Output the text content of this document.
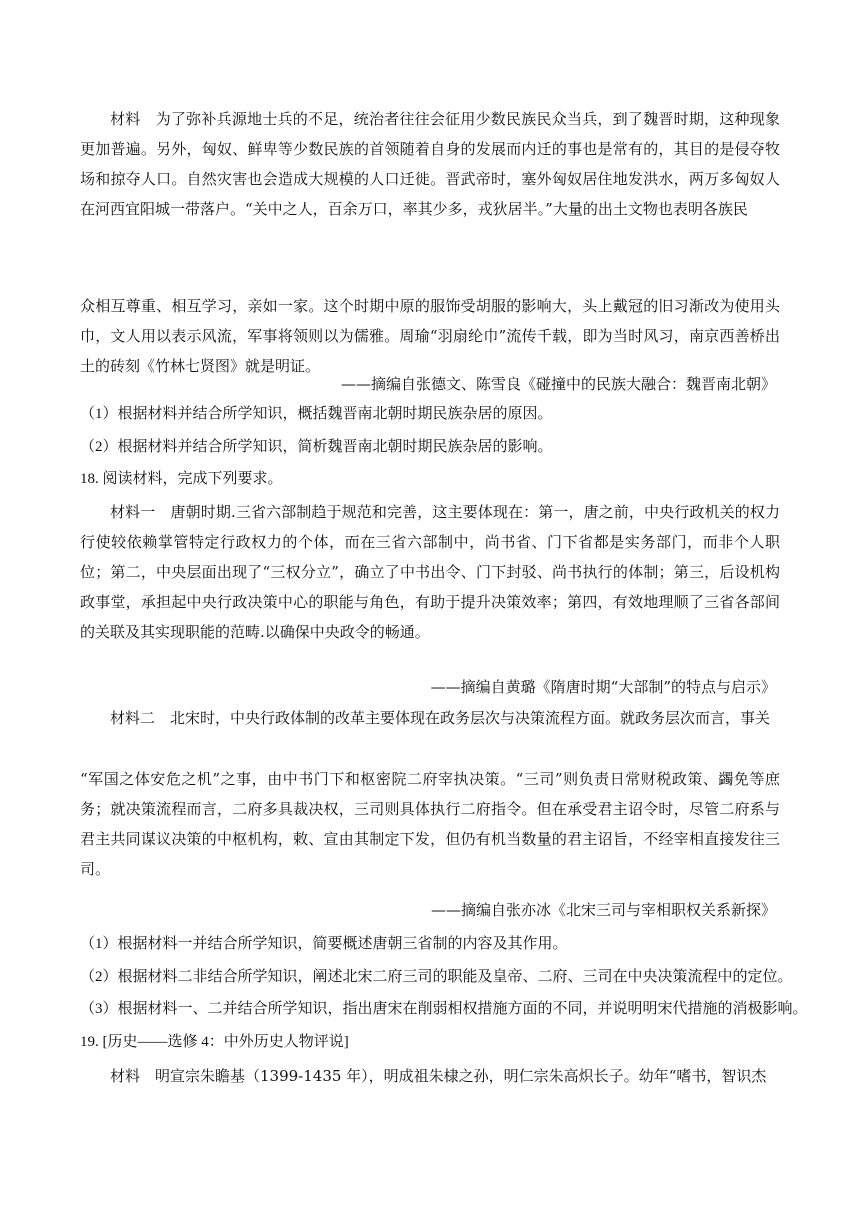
材料　为了弥补兵源地士兵的不足，统治者往往会征用少数民族民众当兵，到了魏晋时期，这种现象更加普遍。另外，匈奴、鲜卑等少数民族的首领随着自身的发展而内迁的事也是常有的，其目的是侵夺牧场和掠夺人口。自然灾害也会造成大规模的人口迁徙。晋武帝时，塞外匈奴居住地发洪水，两万多匈奴人在河西宜阳城一带落户。“关中之人，百余万口，率其少多，戎狄居半。”大量的出土文物也表明各族民

众相互尊重、相互学习，亲如一家。这个时期中原的服饰受胡服的影响大，头上戴冠的旧习渐改为使用头巾，文人用以表示风流，军事将领则以为儒雅。周瑜“羽扇纶巾”流传千载，即为当时风习，南京西善桥出土的砖刻《竹林七贤图》就是明证。

——摘编自张德文、陈雪良《碰撞中的民族大融合：魏晋南北朝》

（1）根据材料并结合所学知识，概括魏晋南北朝时期民族杂居的原因。

（2）根据材料并结合所学知识，简析魏晋南北朝时期民族杂居的影响。

18. 阅读材料，完成下列要求。

材料一　唐朝时期.三省六部制趋于规范和完善，这主要体现在：第一，唐之前，中央行政机关的权力行使较依赖掌管特定行政权力的个体，而在三省六部制中，尚书省、门下省都是实务部门，而非个人职位；第二，中央层面出现了“三权分立”，确立了中书出令、门下封驳、尚书执行的体制；第三，后设机构政事堂，承担起中央行政决策中心的职能与角色，有助于提升决策效率；第四，有效地理顺了三省各部间的关联及其实现职能的范畴.以确保中央政令的畅通。

——摘编自黄璐《隋唐时期“大部制”的特点与启示》

材料二　北宋时，中央行政体制的改革主要体现在政务层次与决策流程方面。就政务层次而言，事关

“军国之体安危之机”之事，由中书门下和枢密院二府宰执决策。“三司”则负责日常财税政策、蠲免等庶务；就决策流程而言，二府多具裁决权，三司则具体执行二府指令。但在承受君主诏令时，尽管二府系与君主共同谋议决策的中枢机构，敕、宣由其制定下发，但仍有机当数量的君主诏旨，不经宰相直接发往三司。

——摘编自张亦冰《北宋三司与宰相职权关系新探》

（1）根据材料一并结合所学知识，简要概述唐朝三省制的内容及其作用。

（2）根据材料二非结合所学知识，阐述北宋二府三司的职能及皇帝、二府、三司在中央决策流程中的定位。

（3）根据材料一、二并结合所学知识，指出唐宋在削弱相权措施方面的不同，并说明明宋代措施的消极影响。

19. [历史——选修 4：中外历史人物评说]

材料　明宣宗朱瞻基（1399-1435 年），明成祖朱棣之孙，明仁宗朱高炽长子。幼年“嗜书，智识杰
